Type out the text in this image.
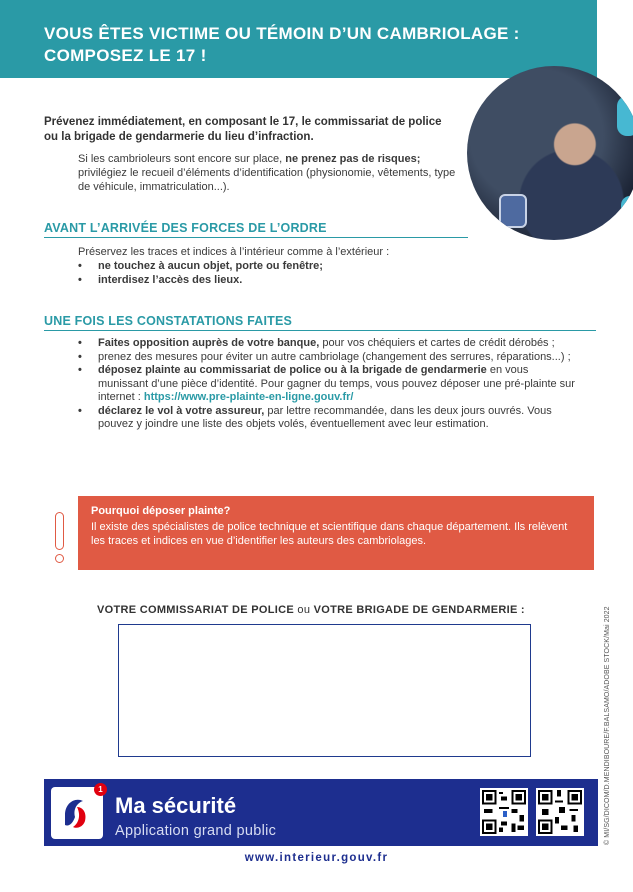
VOUS ÊTES VICTIME OU TÉMOIN D’UN CAMBRIOLAGE :
COMPOSEZ LE 17 !
Prévenez immédiatement, en composant le 17, le commissariat de police ou la brigade de gendarmerie du lieu d’infraction.
Si les cambrioleurs sont encore sur place, ne prenez pas de risques; privilégiez le recueil d’éléments d’identification (physionomie, vêtements, type de véhicule, immatriculation...).
AVANT L’ARRIVÉE DES FORCES DE L’ORDRE
Préservez les traces et indices à l’intérieur comme à l’extérieur :
• ne touchez à aucun objet, porte ou fenêtre;
• interdisez l’accès des lieux.
UNE FOIS LES CONSTATATIONS FAITES
• Faites opposition auprès de votre banque, pour vos chéquiers et cartes de crédit dérobés ;
• prenez des mesures pour éviter un autre cambriolage (changement des serrures, réparations...) ;
• déposez plainte au commissariat de police ou à la brigade de gendarmerie en vous munissant d’une pièce d’identité. Pour gagner du temps, vous pouvez déposer une pré-plainte sur internet : https://www.pre-plainte-en-ligne.gouv.fr/
• déclarez le vol à votre assureur, par lettre recommandée, dans les deux jours ouvrés. Vous pouvez y joindre une liste des objets volés, éventuellement avec leur estimation.
Pourquoi déposer plainte?
Il existe des spécialistes de police technique et scientifique dans chaque département. Ils relèvent les traces et indices en vue d’identifier les auteurs des cambriolages.
VOTRE COMMISSARIAT DE POLICE ou VOTRE BRIGADE DE GENDARMERIE :	© MI/SG/DICOM/D.MENDIBOURE/F.BALSAMO/ADOBE STOCK/Mai 2022
1
Ma sécurité
Application grand public
www.interieur.gouv.fr
